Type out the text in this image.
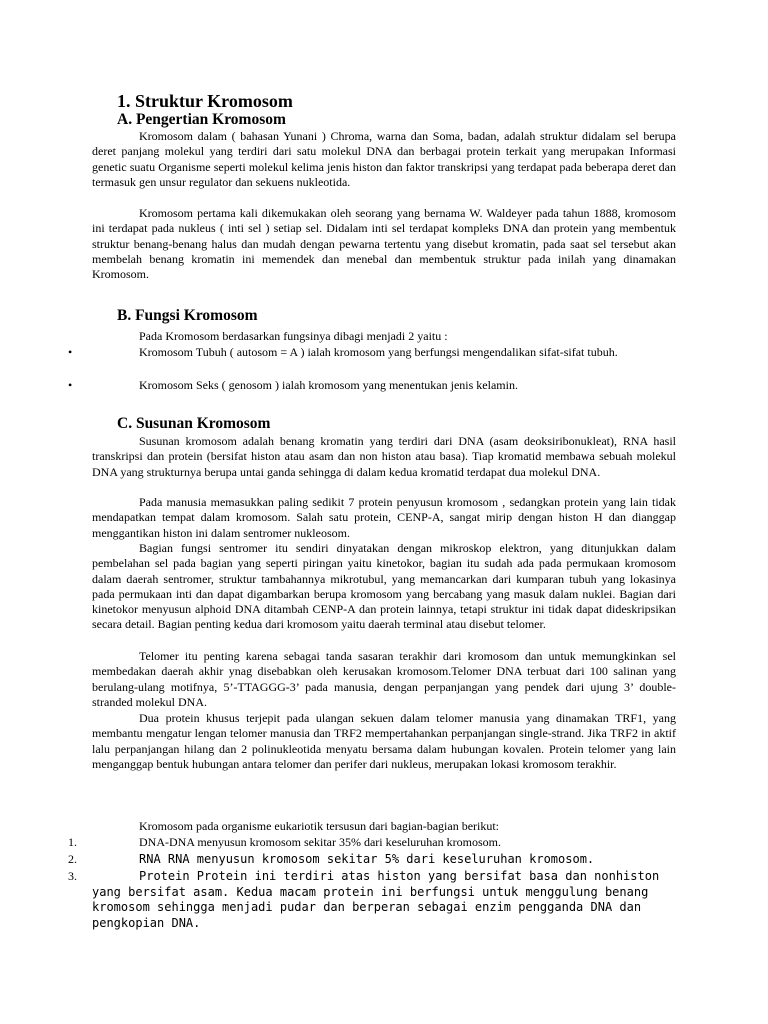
1. Struktur Kromosom
A. Pengertian Kromosom

Kromosom dalam ( bahasan Yunani ) Chroma, warna dan Soma, badan, adalah struktur didalam sel berupa deret panjang molekul yang terdiri dari satu molekul DNA dan berbagai protein terkait yang merupakan Informasi genetic suatu Organisme seperti molekul kelima jenis histon dan faktor transkripsi yang terdapat pada beberapa deret dan termasuk gen unsur regulator dan sekuens nukleotida.

Kromosom pertama kali dikemukakan oleh seorang yang bernama W. Waldeyer pada tahun 1888, kromosom ini terdapat pada nukleus ( inti sel ) setiap sel. Didalam inti sel terdapat kompleks DNA dan protein yang membentuk struktur benang-benang halus dan mudah dengan pewarna tertentu yang disebut kromatin, pada saat sel tersebut akan membelah benang kromatin ini memendek dan menebal dan membentuk struktur pada inilah yang dinamakan Kromosom.

B. Fungsi Kromosom

Pada Kromosom berdasarkan fungsinya dibagi menjadi 2 yaitu :

•	Kromosom Tubuh ( autosom = A ) ialah kromosom yang berfungsi mengendalikan sifat-sifat tubuh.

•	Kromosom Seks ( genosom ) ialah kromosom yang menentukan jenis kelamin.

C. Susunan Kromosom

Susunan kromosom adalah benang kromatin yang terdiri dari DNA (asam deoksiribonukleat), RNA hasil transkripsi dan protein (bersifat histon atau asam dan non histon atau basa). Tiap kromatid membawa sebuah molekul DNA yang strukturnya berupa untai ganda sehingga di dalam kedua kromatid terdapat dua molekul DNA.

Pada manusia memasukkan paling sedikit 7 protein penyusun kromosom , sedangkan protein yang lain tidak mendapatkan tempat dalam kromosom. Salah satu protein, CENP-A, sangat mirip dengan histon H dan dianggap menggantikan histon ini dalam sentromer nukleosom.

Bagian fungsi sentromer itu sendiri dinyatakan dengan mikroskop elektron, yang ditunjukkan dalam pembelahan sel pada bagian yang seperti piringan yaitu kinetokor, bagian itu sudah ada pada permukaan kromosom dalam daerah sentromer, struktur tambahannya mikrotubul, yang memancarkan dari kumparan tubuh yang lokasinya pada permukaan inti dan dapat digambarkan berupa kromosom yang bercabang yang masuk dalam nuklei. Bagian dari kinetokor menyusun alphoid DNA ditambah CENP-A dan protein lainnya, tetapi struktur ini tidak dapat dideskripsikan secara detail. Bagian penting kedua dari kromosom yaitu daerah terminal atau disebut telomer.

Telomer itu penting karena sebagai tanda sasaran terakhir dari kromosom dan untuk memungkinkan sel membedakan daerah akhir ynag disebabkan oleh kerusakan kromosom.Telomer DNA terbuat dari 100 salinan yang berulang-ulang motifnya, 5’-TTAGGG-3’ pada manusia, dengan perpanjangan yang pendek dari ujung 3’ double-stranded molekul DNA.

Dua protein khusus terjepit pada ulangan sekuen dalam telomer manusia yang dinamakan TRF1, yang membantu mengatur lengan telomer manusia dan TRF2 mempertahankan perpanjangan single-strand. Jika TRF2 in aktif lalu perpanjangan hilang dan 2 polinukleotida menyatu bersama dalam hubungan kovalen. Protein telomer yang lain menganggap bentuk hubungan antara telomer dan perifer dari nukleus, merupakan lokasi kromosom terakhir.

Kromosom pada organisme eukariotik tersusun dari bagian-bagian berikut:

1.	DNA-DNA menyusun kromosom sekitar 35% dari keseluruhan kromosom.

2.	RNA RNA menyusun kromosom sekitar 5% dari keseluruhan kromosom.

3.	Protein Protein ini terdiri atas histon yang bersifat basa dan nonhiston yang bersifat asam. Kedua macam protein ini berfungsi untuk menggulung benang kromosom sehingga menjadi pudar dan berperan sebagai enzim pengganda DNA dan pengkopian DNA.
